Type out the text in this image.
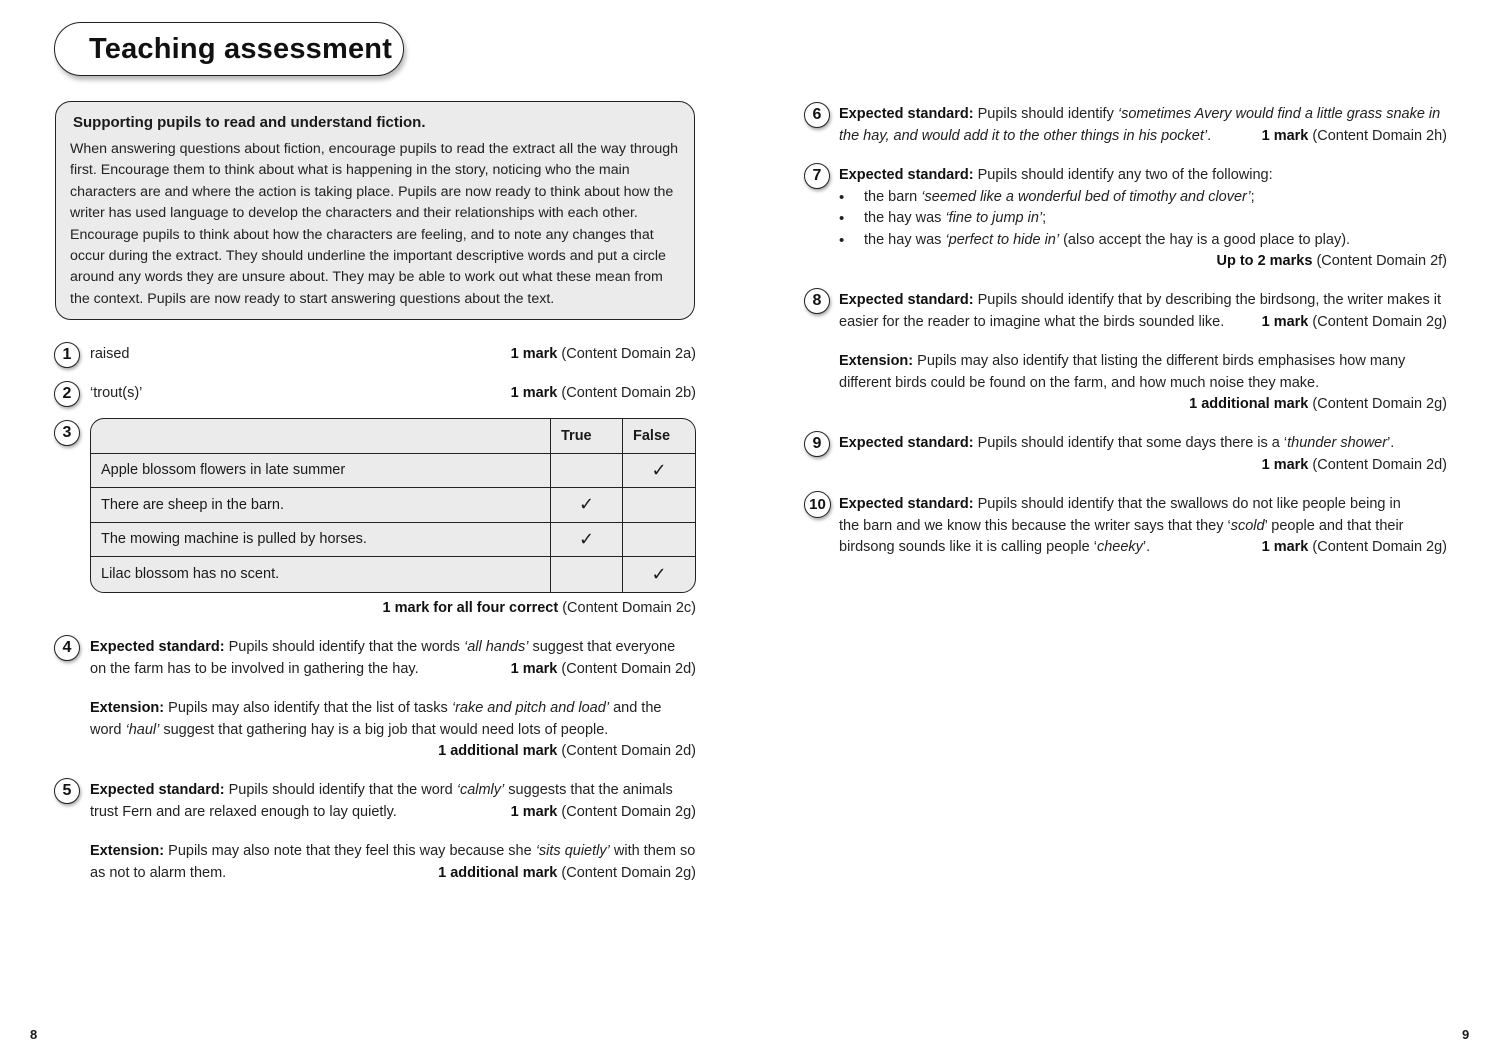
Teaching assessment
Supporting pupils to read and understand fiction.

When answering questions about fiction, encourage pupils to read the extract all the way through first. Encourage them to think about what is happening in the story, noticing who the main characters are and where the action is taking place. Pupils are now ready to think about how the writer has used language to develop the characters and their relationships with each other. Encourage pupils to think about how the characters are feeling, and to note any changes that occur during the extract. They should underline the important descriptive words and put a circle around any words they are unsure about. They may be able to work out what these mean from the context. Pupils are now ready to start answering questions about the text.

1	raised	1 mark (Content Domain 2a)
2	‘trout(s)’	1 mark (Content Domain 2b)
3
		True	False
Apple blossom flowers in late summer		✓
There are sheep in the barn.	✓	
The mowing machine is pulled by horses.	✓	
Lilac blossom has no scent.		✓
1 mark for all four correct (Content Domain 2c)
4	Expected standard: Pupils should identify that the words ‘all hands’ suggest that everyone
on the farm has to be involved in gathering the hay.	1 mark (Content Domain 2d)
Extension: Pupils may also identify that the list of tasks ‘rake and pitch and load’ and the
word ‘haul’ suggest that gathering hay is a big job that would need lots of people.
1 additional mark (Content Domain 2d)
5	Expected standard: Pupils should identify that the word ‘calmly’ suggests that the animals
trust Fern and are relaxed enough to lay quietly.	1 mark (Content Domain 2g)
Extension: Pupils may also note that they feel this way because she ‘sits quietly’ with them so
as not to alarm them.	1 additional mark (Content Domain 2g)
6	Expected standard: Pupils should identify ‘sometimes Avery would find a little grass snake in
the hay, and would add it to the other things in his pocket’.	1 mark (Content Domain 2h)
7	Expected standard: Pupils should identify any two of the following:
• the barn ‘seemed like a wonderful bed of timothy and clover’;
• the hay was ‘fine to jump in’;
• the hay was ‘perfect to hide in’ (also accept the hay is a good place to play).
Up to 2 marks (Content Domain 2f)
8	Expected standard: Pupils should identify that by describing the birdsong, the writer makes it
easier for the reader to imagine what the birds sounded like.	1 mark (Content Domain 2g)
Extension: Pupils may also identify that listing the different birds emphasises how many
different birds could be found on the farm, and how much noise they make.
1 additional mark (Content Domain 2g)
9	Expected standard: Pupils should identify that some days there is a ‘thunder shower’.
1 mark (Content Domain 2d)
10 Expected standard: Pupils should identify that the swallows do not like people being in
the barn and we know this because the writer says that they ‘scold’ people and that their
birdsong sounds like it is calling people ‘cheeky’.	1 mark (Content Domain 2g)
8	9
